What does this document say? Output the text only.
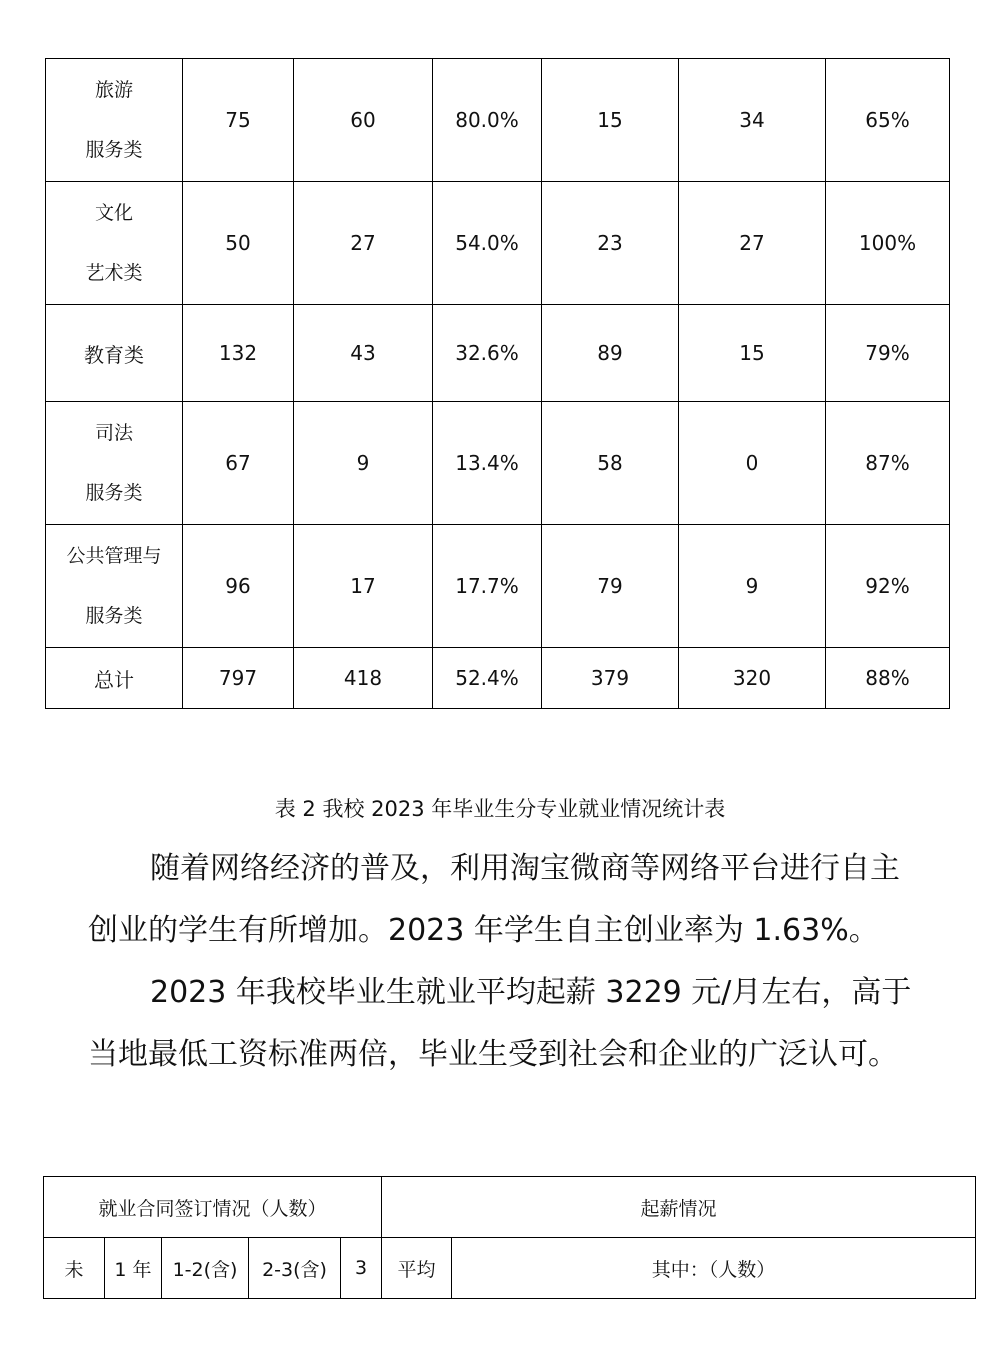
旅游
服务类	75	60	80.0%	15	34	65%
文化
艺术类	50	27	54.0%	23	27	100%
教育类	132	43	32.6%	89	15	79%
司法
服务类	67	9	13.4%	58	0	87%
公共管理与
服务类	96	17	17.7%	79	9	92%
总计	797	418	52.4%	379	320	88%
表 2 我校 2023 年毕业生分专业就业情况统计表

随着网络经济的普及，利用淘宝微商等网络平台进行自主创业的学生有所增加。2023 年学生自主创业率为 1.63%。

2023 年我校毕业生就业平均起薪 3229 元/月左右，高于当地最低工资标准两倍，毕业生受到社会和企业的广泛认可。

就业合同签订情况（人数）					起薪情况	
未	1 年	1-2(含)	2-3(含)	3	平均	其中：（人数）
